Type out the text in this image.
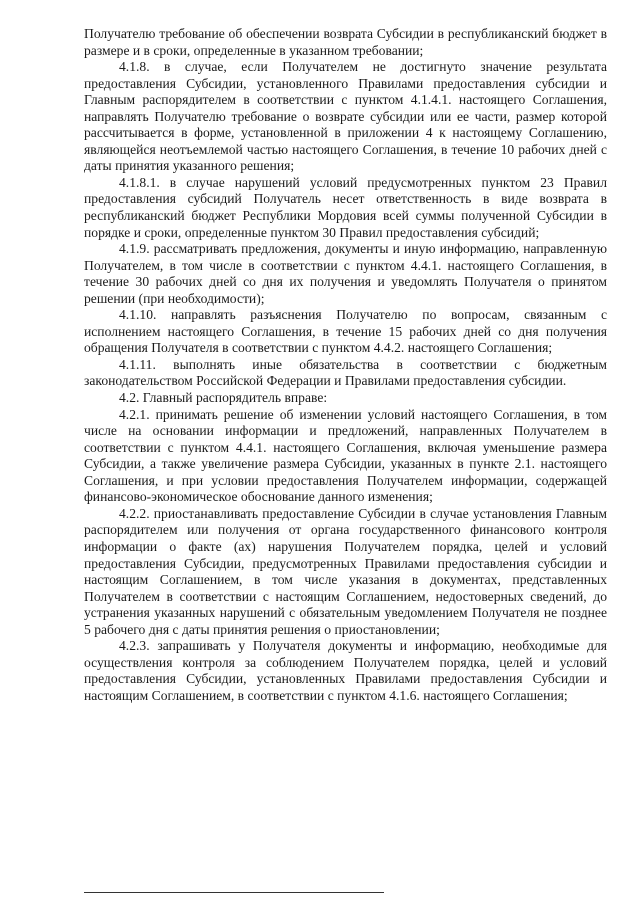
Получателю требование об обеспечении возврата Субсидии в республиканский бюджет в размере и в сроки, определенные в указанном требовании;

4.1.8. в случае, если Получателем не достигнуто значение результата предоставления Субсидии, установленного Правилами предоставления субсидии и Главным распорядителем в соответствии с пунктом 4.1.4.1. настоящего Соглашения, направлять Получателю требование о возврате субсидии или ее части, размер которой рассчитывается в форме, установленной в приложении 4 к настоящему Соглашению, являющейся неотъемлемой частью настоящего Соглашения, в течение 10 рабочих дней с даты принятия указанного решения;

4.1.8.1. в случае нарушений условий предусмотренных пунктом 23 Правил предоставления субсидий Получатель несет ответственность в виде возврата в республиканский бюджет Республики Мордовия всей суммы полученной Субсидии в порядке и сроки, определенные пунктом 30 Правил предоставления субсидий;

4.1.9. рассматривать предложения, документы и иную информацию, направленную Получателем, в том числе в соответствии с пунктом 4.4.1. настоящего Соглашения, в течение 30 рабочих дней со дня их получения и уведомлять Получателя о принятом решении (при необходимости);

4.1.10. направлять разъяснения Получателю по вопросам, связанным с исполнением настоящего Соглашения, в течение 15 рабочих дней со дня получения обращения Получателя в соответствии с пунктом 4.4.2. настоящего Соглашения;

4.1.11. выполнять иные обязательства в соответствии с бюджетным законодательством Российской Федерации и Правилами предоставления субсидии.

4.2. Главный распорядитель вправе:

4.2.1. принимать решение об изменении условий настоящего Соглашения, в том числе на основании информации и предложений, направленных Получателем в соответствии с пунктом 4.4.1. настоящего Соглашения, включая уменьшение размера Субсидии, а также увеличение размера Субсидии, указанных в пункте 2.1. настоящего Соглашения, и при условии предоставления Получателем информации, содержащей финансово-экономическое обоснование данного изменения;

4.2.2. приостанавливать предоставление Субсидии в случае установления Главным распорядителем или получения от органа государственного финансового контроля информации о факте (ах) нарушения Получателем порядка, целей и условий предоставления Субсидии, предусмотренных Правилами предоставления субсидии и настоящим Соглашением, в том числе указания в документах, представленных Получателем в соответствии с настоящим Соглашением, недостоверных сведений, до устранения указанных нарушений с обязательным уведомлением Получателя не позднее 5 рабочего дня с даты принятия решения о приостановлении;

4.2.3. запрашивать у Получателя документы и информацию, необходимые для осуществления контроля за соблюдением Получателем порядка, целей и условий предоставления Субсидии, установленных Правилами предоставления Субсидии и настоящим Соглашением, в соответствии с пунктом 4.1.6. настоящего Соглашения;
